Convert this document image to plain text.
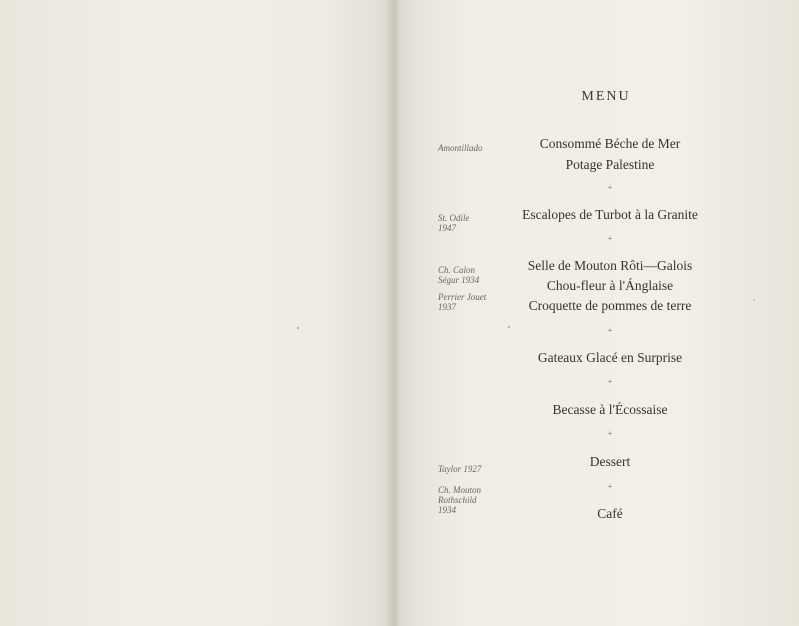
MENU
Consommé Béche de Mer
Potage Palestine
+
Escalopes de Turbot à la Granite
+
Selle de Mouton Rôti—Galois
Chou-fleur à l'Ánglaise
Croquette de pommes de terre
+
Gateaux Glacé en Surprise
+
Becasse à l'Écossaise
+
Dessert
+
Café
Amontillado
St. Odile
1947
Ch. Calon
Ségur 1934
Perrier Jouet
1937
Taylor 1927
Ch. Mouton
Rothschild
1934
